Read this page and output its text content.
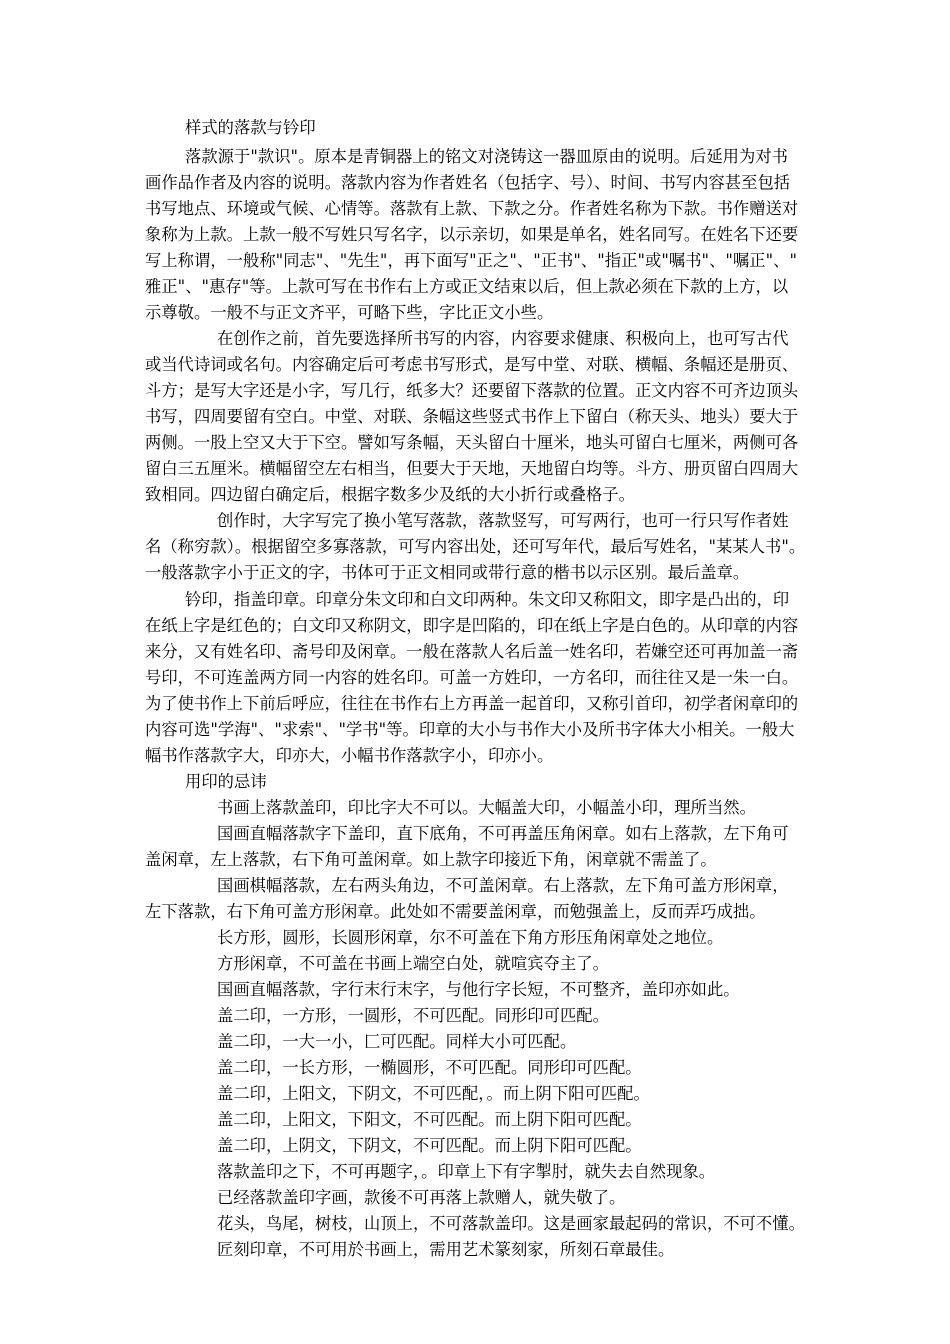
样式的落款与钤印
落款源于"款识"。原本是青铜器上的铭文对浇铸这一器皿原由的说明。后延用为对书
画作品作者及内容的说明。落款内容为作者姓名（包括字、号）、时间、书写内容甚至包括
书写地点、环境或气候、心情等。落款有上款、下款之分。作者姓名称为下款。书作赠送对
象称为上款。上款一般不写姓只写名字，以示亲切，如果是单名，姓名同写。在姓名下还要
写上称谓，一般称"同志"、"先生"，再下面写"正之"、"正书"、"指正"或"嘱书"、"嘱正"、"
雅正"、"惠存"等。上款可写在书作右上方或正文结束以后，但上款必须在下款的上方，以
示尊敬。一般不与正文齐平，可略下些，字比正文小些。
在创作之前，首先要选择所书写的内容，内容要求健康、积极向上，也可写古代
或当代诗词或名句。内容确定后可考虑书写形式，是写中堂、对联、横幅、条幅还是册页、
斗方；是写大字还是小字，写几行，纸多大？还要留下落款的位置。正文内容不可齐边顶头
书写，四周要留有空白。中堂、对联、条幅这些竖式书作上下留白（称天头、地头）要大于
两侧。一股上空又大于下空。譬如写条幅，天头留白十厘米，地头可留白七厘米，两侧可各
留白三五厘米。横幅留空左右相当，但要大于天地，天地留白均等。斗方、册页留白四周大
致相同。四边留白确定后，根据字数多少及纸的大小折行或叠格子。
创作时，大字写完了换小笔写落款，落款竖写，可写两行，也可一行只写作者姓
名（称穷款）。根据留空多寡落款，可写内容出处，还可写年代，最后写姓名，"某某人书"。
一般落款字小于正文的字，书体可于正文相同或带行意的楷书以示区别。最后盖章。
钤印，指盖印章。印章分朱文印和白文印两种。朱文印又称阳文，即字是凸出的，印
在纸上字是红色的；白文印又称阴文，即字是凹陷的，印在纸上字是白色的。从印章的内容
来分，又有姓名印、斋号印及闲章。一般在落款人名后盖一姓名印，若嫌空还可再加盖一斋
号印，不可连盖两方同一内容的姓名印。可盖一方姓印，一方名印，而往往又是一朱一白。
为了使书作上下前后呼应，往往在书作右上方再盖一起首印，又称引首印，初学者闲章印的
内容可选"学海"、"求索"、"学书"等。印章的大小与书作大小及所书字体大小相关。一般大
幅书作落款字大，印亦大，小幅书作落款字小，印亦小。
用印的忌讳
书画上落款盖印，印比字大不可以。大幅盖大印，小幅盖小印，理所当然。
国画直幅落款字下盖印，直下底角，不可再盖压角闲章。如右上落款，左下角可
盖闲章，左上落款，右下角可盖闲章。如上款字印接近下角，闲章就不需盖了。
国画棋幅落款，左右两头角边，不可盖闲章。右上落款，左下角可盖方形闲章，
左下落款，右下角可盖方形闲章。此处如不需要盖闲章，而勉强盖上，反而弄巧成拙。
长方形，圆形，长圆形闲章，尔不可盖在下角方形压角闲章处之地位。
方形闲章，不可盖在书画上端空白处，就喧宾夺主了。
国画直幅落款，字行末行末字，与他行字长短，不可整齐，盖印亦如此。
盖二印，一方形，一圆形，不可匹配。同形印可匹配。
盖二印，一大一小，匚可匹配。同样大小可匹配。
盖二印，一长方形，一椭圆形，不可匹配。同形印可匹配。
盖二印，上阳文，下阴文，不可匹配，。而上阴下阳可匹配。
盖二印，上阳文，下阳文，不可匹配。而上阴下阳可匹配。
盖二印，上阴文，下阴文，不可匹配。而上阴下阳可匹配。
落款盖印之下，不可再题字，。印章上下有字掣肘，就失去自然现象。
已经落款盖印字画，款後不可再落上款赠人，就失敬了。
花头，鸟尾，树枝，山顶上，不可落款盖印。这是画家最起码的常识，不可不懂。
匠刻印章，不可用於书画上，需用艺术篆刻家，所刻石章最佳。
